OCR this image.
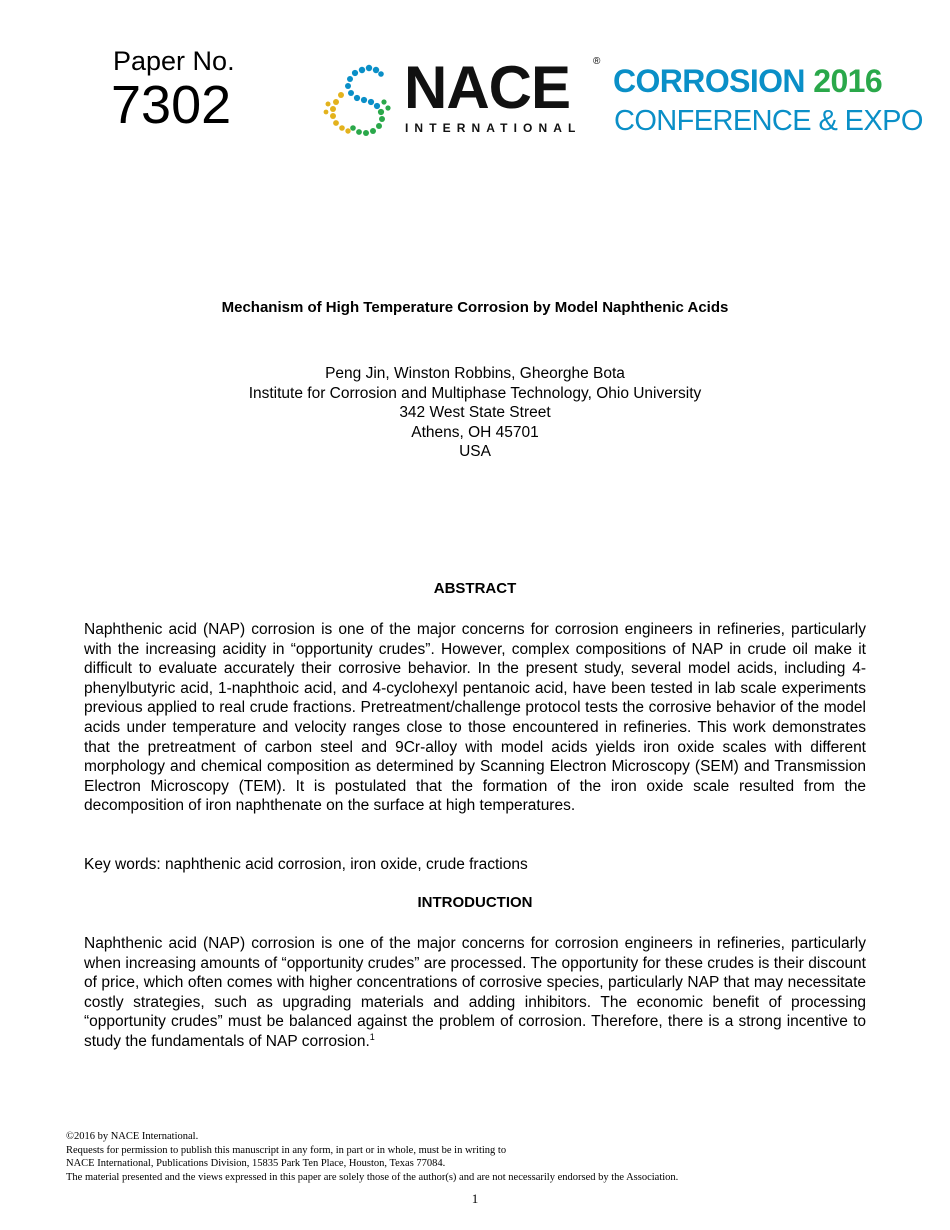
Paper No.
7302	NACE ®
INTERNATIONAL
CORROSION 2016
CONFERENCE & EXPO
Mechanism of High Temperature Corrosion by Model Naphthenic Acids
Peng Jin, Winston Robbins, Gheorghe Bota
Institute for Corrosion and Multiphase Technology, Ohio University
342 West State Street
Athens, OH 45701
USA
ABSTRACT

Naphthenic acid (NAP) corrosion is one of the major concerns for corrosion engineers in refineries, particularly with the increasing acidity in “opportunity crudes”. However, complex compositions of NAP in crude oil make it difficult to evaluate accurately their corrosive behavior. In the present study, several model acids, including 4-phenylbutyric acid, 1-naphthoic acid, and 4-cyclohexyl pentanoic acid, have been tested in lab scale experiments previous applied to real crude fractions. Pretreatment/challenge protocol tests the corrosive behavior of the model acids under temperature and velocity ranges close to those encountered in refineries. This work demonstrates that the pretreatment of carbon steel and 9Cr-alloy with model acids yields iron oxide scales with different morphology and chemical composition as determined by Scanning Electron Microscopy (SEM) and Transmission Electron Microscopy (TEM). It is postulated that the formation of the iron oxide scale resulted from the decomposition of iron naphthenate on the surface at high temperatures.

Key words: naphthenic acid corrosion, iron oxide, crude fractions

INTRODUCTION

Naphthenic acid (NAP) corrosion is one of the major concerns for corrosion engineers in refineries, particularly when increasing amounts of “opportunity crudes” are processed. The opportunity for these crudes is their discount of price, which often comes with higher concentrations of corrosive species, particularly NAP that may necessitate costly strategies, such as upgrading materials and adding inhibitors. The economic benefit of processing “opportunity crudes” must be balanced against the problem of corrosion. Therefore, there is a strong incentive to study the fundamentals of NAP corrosion.$^1$

©2016 by NACE International.
Requests for permission to publish this manuscript in any form, in part or in whole, must be in writing to
NACE International, Publications Division, 15835 Park Ten Place, Houston, Texas 77084.
The material presented and the views expressed in this paper are solely those of the author(s) and are not necessarily endorsed by the Association.
1
